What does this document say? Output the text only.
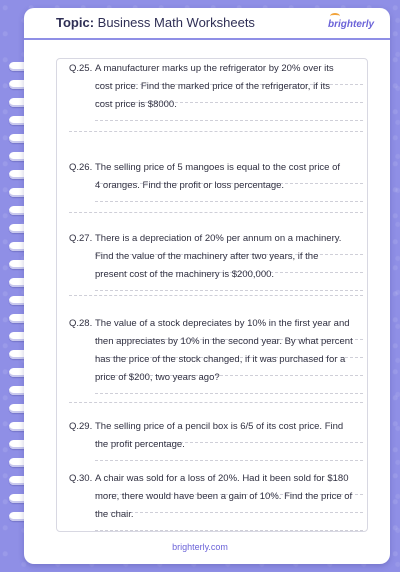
Topic: Business Math Worksheets	brighterly
Q.25. A manufacturer marks up the refrigerator by 20% over its
cost price. Find the marked price of the refrigerator, if its
cost price is $8000.
Q.26. The selling price of 5 mangoes is equal to the cost price of
4 oranges. Find the profit or loss percentage.
Q.27. There is a depreciation of 20% per annum on a machinery.
Find the value of the machinery after two years, if the
present cost of the machinery is $200,000.
Q.28. The value of a stock depreciates by 10% in the first year and
then appreciates by 10% in the second year. By what percent
has the price of the stock changed, if it was purchased for a
price of $200, two years ago?
Q.29. The selling price of a pencil box is 6/5 of its cost price. Find
the profit percentage.
Q.30. A chair was sold for a loss of 20%. Had it been sold for $180
more, there would have been a gain of 10%. Find the price of
the chair.
brighterly.com
